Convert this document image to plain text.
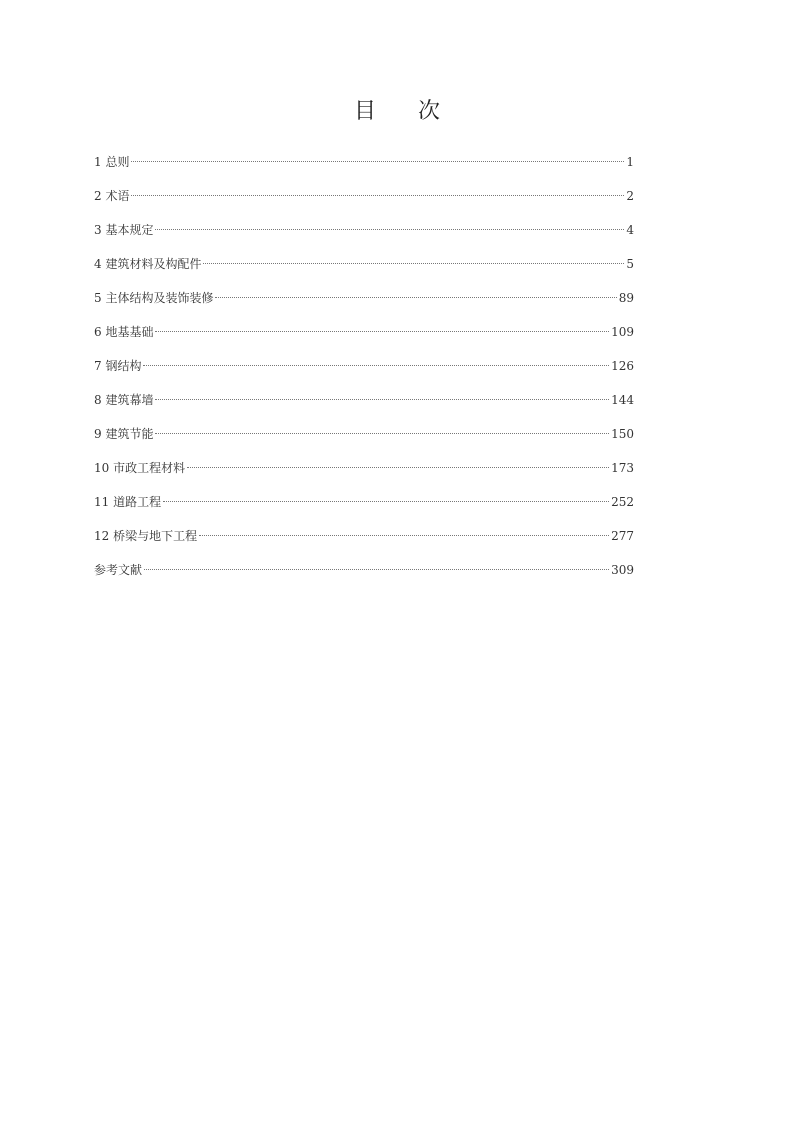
目 次
1 总则	1
2 术语	2
3 基本规定	4
4 建筑材料及构配件	5
5 主体结构及装饰装修	89
6 地基基础	109
7 钢结构	126
8 建筑幕墙	144
9 建筑节能	150
10 市政工程材料	173
11 道路工程	252
12 桥梁与地下工程	277
参考文献	309
